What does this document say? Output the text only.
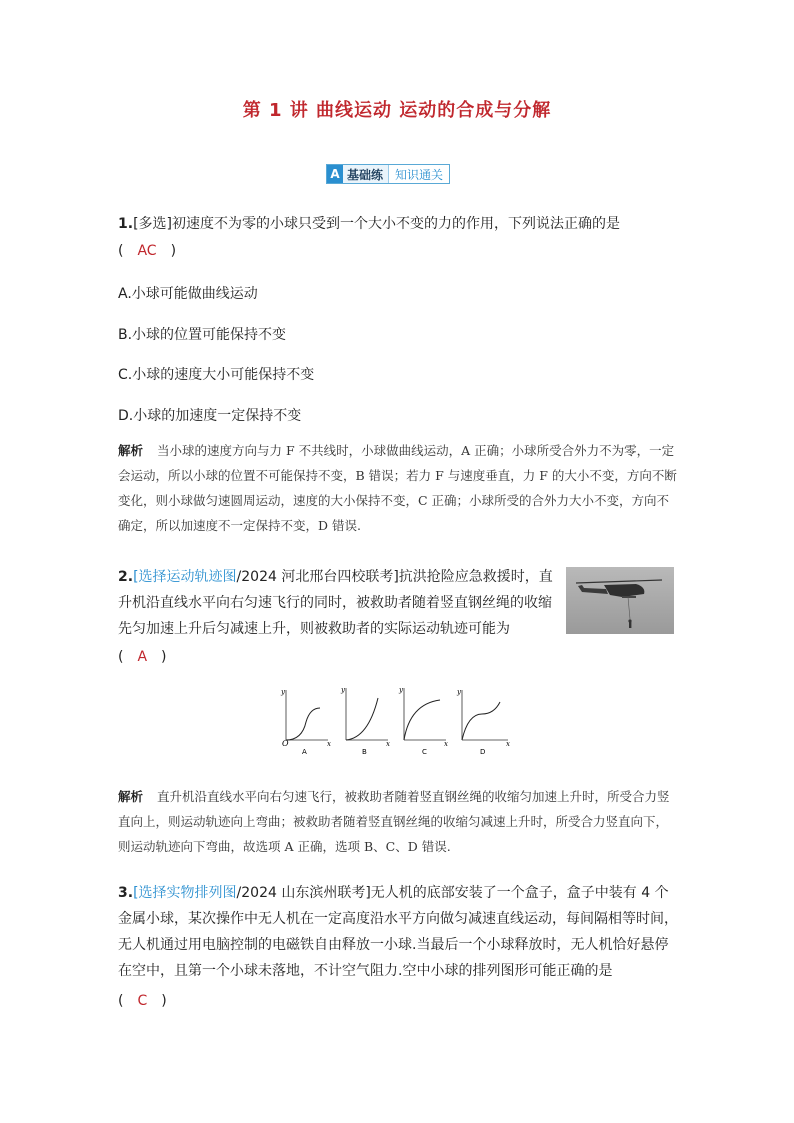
第 1 讲 曲线运动 运动的合成与分解
A 基础练	知识通关
1.[多选]初速度不为零的小球只受到一个大小不变的力的作用，下列说法正确的是
( AC )
A.小球可能做曲线运动
B.小球的位置可能保持不变
C.小球的速度大小可能保持不变
D.小球的加速度一定保持不变
解析 当小球的速度方向与力 F 不共线时，小球做曲线运动，A 正确；小球所受合外力不为零，一定会运动，所以小球的位置不可能保持不变，B 错误；若力 F 与速度垂直，力 F 的大小不变，方向不断变化，则小球做匀速圆周运动，速度的大小保持不变，C 正确；小球所受的合外力大小不变，方向不确定，所以加速度不一定保持不变，D 错误.
2.[选择运动轨迹图/2024 河北邢台四校联考]抗洪抢险应急救援时，直升机沿直线水平向右匀速飞行的同时，被救助者随着竖直钢丝绳的收缩先匀加速上升后匀减速上升，则被救助者的实际运动轨迹可能为
( A )
O
y
x
A
y
x
B
y
x
C
y
x
D
解析 直升机沿直线水平向右匀速飞行，被救助者随着竖直钢丝绳的收缩匀加速上升时，所受合力竖直向上，则运动轨迹向上弯曲；被救助者随着竖直钢丝绳的收缩匀减速上升时，所受合力竖直向下，则运动轨迹向下弯曲，故选项 A 正确，选项 B、C、D 错误.
3.[选择实物排列图/2024 山东滨州联考]无人机的底部安装了一个盒子，盒子中装有 4 个金属小球，某次操作中无人机在一定高度沿水平方向做匀减速直线运动，每间隔相等时间，无人机通过用电脑控制的电磁铁自由释放一小球.当最后一个小球释放时，无人机恰好悬停在空中，且第一个小球未落地，不计空气阻力.空中小球的排列图形可能正确的是
( C )
